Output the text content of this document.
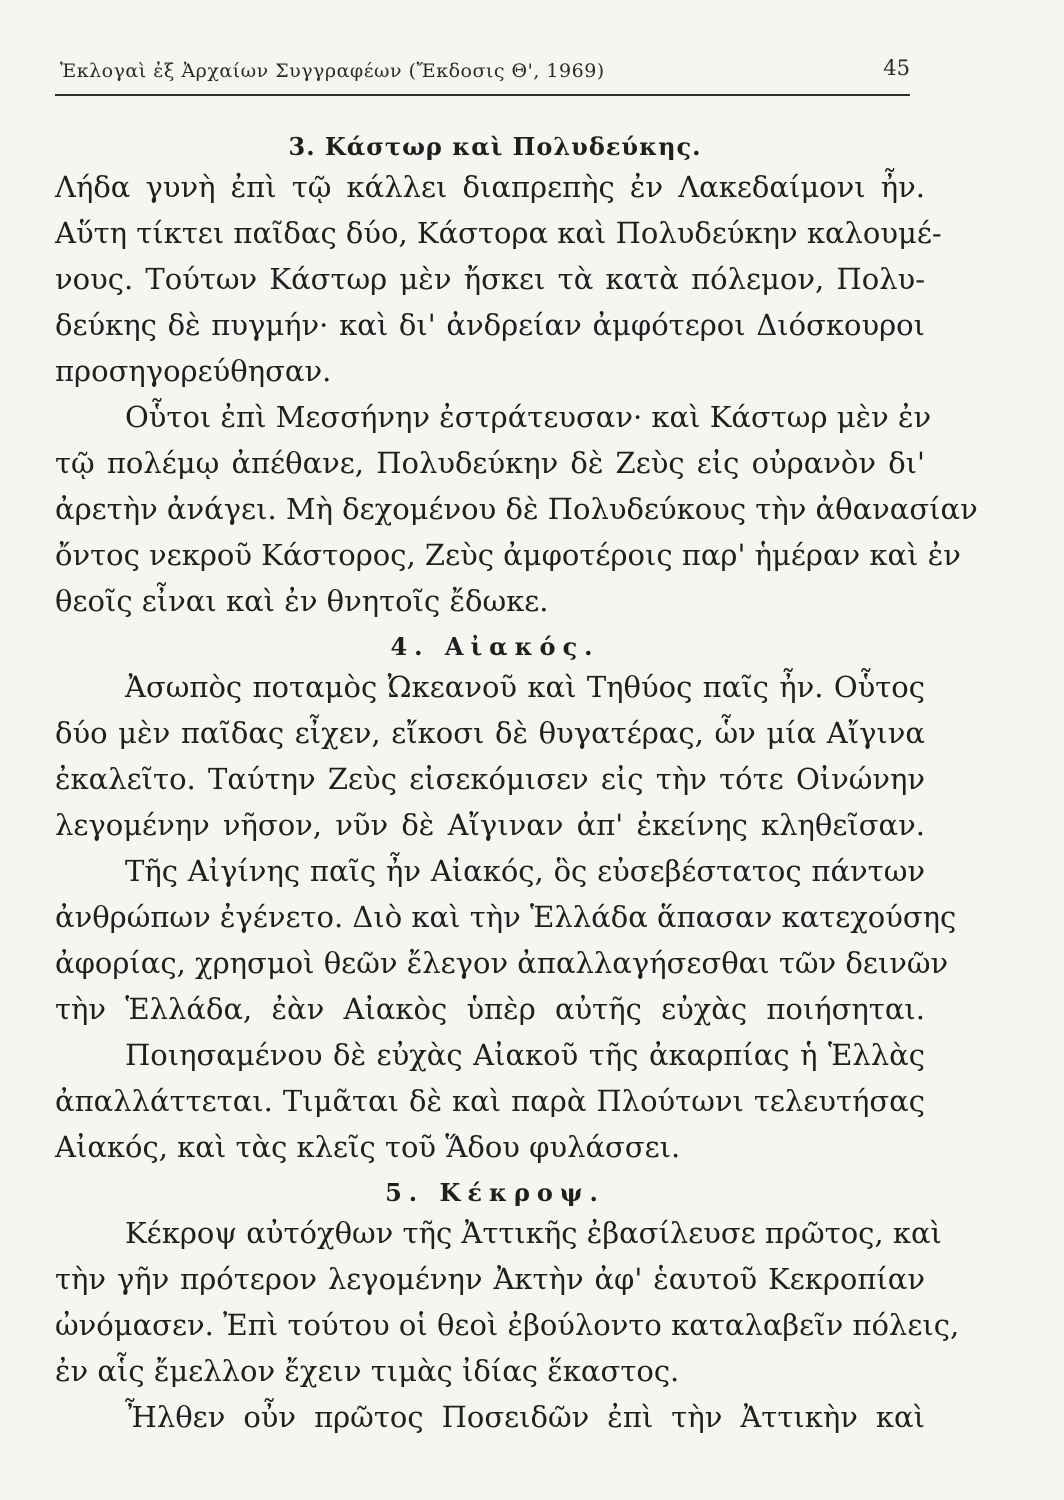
Ἐκλογαὶ ἐξ Ἀρχαίων Συγγραφέων (Ἔκδοσις Θ', 1969)	45
3. Κάστωρ καὶ Πολυδεύκης.
Λήδα γυνὴ ἐπὶ τῷ κάλλει διαπρεπὴς ἐν Λακεδαίμονι ἦν.
Αὕτη τίκτει παῖδας δύο, Κάστορα καὶ Πολυδεύκην καλουμέ-
νους. Τούτων Κάστωρ μὲν ἤσκει τὰ κατὰ πόλεμον, Πολυ-
δεύκης δὲ πυγμήν· καὶ δι' ἀνδρείαν ἀμφότεροι Διόσκουροι
προσηγορεύθησαν.
Οὗτοι ἐπὶ Μεσσήνην ἐστράτευσαν· καὶ Κάστωρ μὲν ἐν
τῷ πολέμῳ ἀπέθανε, Πολυδεύκην δὲ Ζεὺς εἰς οὐρανὸν δι'
ἀρετὴν ἀνάγει. Μὴ δεχομένου δὲ Πολυδεύκους τὴν ἀθανασίαν
ὄντος νεκροῦ Κάστορος, Ζεὺς ἀμφοτέροις παρ' ἡμέραν καὶ ἐν
θεοῖς εἶναι καὶ ἐν θνητοῖς ἔδωκε.
4. Αἰακός.
Ἀσωπὸς ποταμὸς Ὠκεανοῦ καὶ Τηθύος παῖς ἦν. Οὗτος
δύο μὲν παῖδας εἶχεν, εἴκοσι δὲ θυγατέρας, ὧν μία Αἴγινα
ἐκαλεῖτο. Ταύτην Ζεὺς εἰσεκόμισεν εἰς τὴν τότε Οἰνώνην
λεγομένην νῆσον, νῦν δὲ Αἴγιναν ἀπ' ἐκείνης κληθεῖσαν.
Τῆς Αἰγίνης παῖς ἦν Αἰακός, ὃς εὐσεβέστατος πάντων
ἀνθρώπων ἐγένετο. Διὸ καὶ τὴν Ἑλλάδα ἅπασαν κατεχούσης
ἀφορίας, χρησμοὶ θεῶν ἔλεγον ἀπαλλαγήσεσθαι τῶν δεινῶν
τὴν Ἑλλάδα, ἐὰν Αἰακὸς ὑπὲρ αὐτῆς εὐχὰς ποιήσηται.
Ποιησαμένου δὲ εὐχὰς Αἰακοῦ τῆς ἀκαρπίας ἡ Ἑλλὰς
ἀπαλλάττεται. Τιμᾶται δὲ καὶ παρὰ Πλούτωνι τελευτήσας
Αἰακός, καὶ τὰς κλεῖς τοῦ Ἅδου φυλάσσει.
5. Κέκροψ.
Κέκροψ αὐτόχθων τῆς Ἀττικῆς ἐβασίλευσε πρῶτος, καὶ
τὴν γῆν πρότερον λεγομένην Ἀκτὴν ἀφ' ἑαυτοῦ Κεκροπίαν
ὠνόμασεν. Ἐπὶ τούτου οἱ θεοὶ ἐβούλοντο καταλαβεῖν πόλεις,
ἐν αἷς ἔμελλον ἔχειν τιμὰς ἰδίας ἕκαστος.
Ἦλθεν οὖν πρῶτος Ποσειδῶν ἐπὶ τὴν Ἀττικὴν καὶ
